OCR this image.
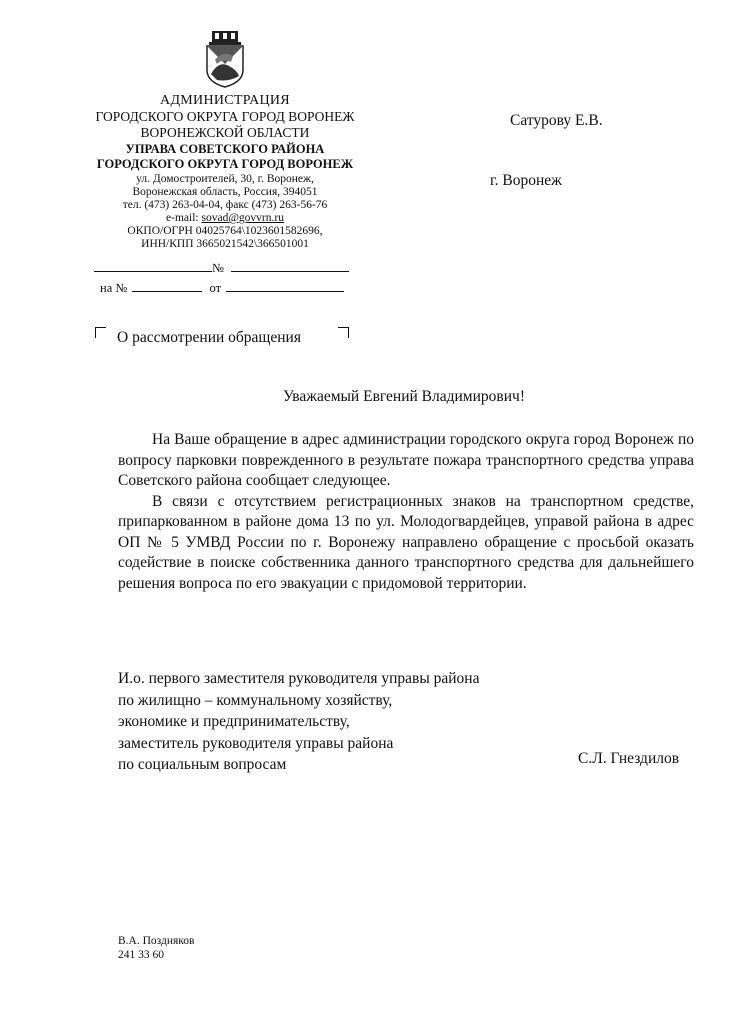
АДМИНИСТРАЦИЯ
ГОРОДСКОГО ОКРУГА ГОРОД ВОРОНЕЖ
ВОРОНЕЖСКОЙ ОБЛАСТИ
УПРАВА СОВЕТСКОГО РАЙОНА
ГОРОДСКОГО ОКРУГА ГОРОД ВОРОНЕЖ
ул. Домостроителей, 30, г. Воронеж,
Воронежская область, Россия, 394051
тел. (473) 263-04-04, факс (473) 263-56-76
e-mail: sovad@govvrn.ru
ОКПО/ОГРН 04025764\1023601582696,
ИНН/КПП 3665021542\366501001
№
на №	от
Сатурову Е.В.
г. Воронеж
О рассмотрении обращения
Уважаемый Евгений Владимирович!

На Ваше обращение в адрес администрации городского округа город Воронеж по вопросу парковки поврежденного в результате пожара транспортного средства управа Советского района сообщает следующее.

В связи с отсутствием регистрационных знаков на транспортном средстве, припаркованном в районе дома 13 по ул. Молодогвардейцев, управой района в адрес ОП № 5 УМВД России по г. Воронежу направлено обращение с просьбой оказать содействие в поиске собственника данного транспортного средства для дальнейшего решения вопроса по его эвакуации с придомовой территории.

И.о. первого заместителя руководителя управы района
по жилищно – коммунальному хозяйству,
экономике и предпринимательству,
заместитель руководителя управы района
по социальным вопросам	С.Л. Гнездилов
В.А. Поздняков
241 33 60
